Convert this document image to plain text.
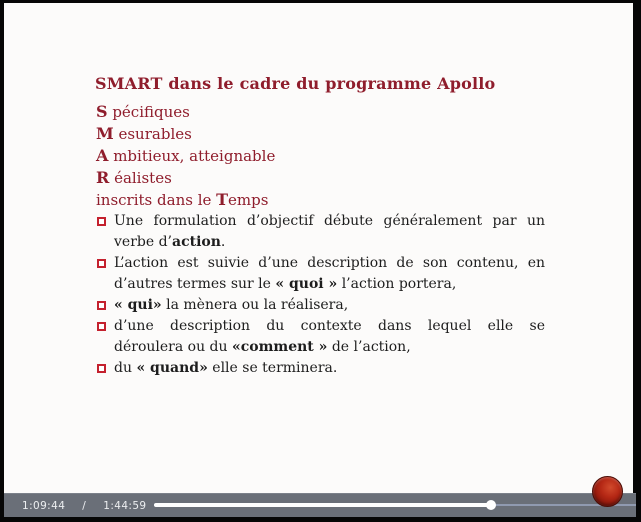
SMART dans le cadre du programme Apollo
S pécifiques
M esurables
A mbitieux, atteignable
R éalistes
inscrits dans le Temps
Une formulation d’objectif débute généralement par un
verbe d’action.
L’action est suivie d’une description de son contenu, en
d’autres termes sur le « quoi » l’action portera,
« qui» la mènera ou la réalisera,
d’une description du contexte dans lequel elle se
déroulera ou du «comment » de l’action,
du « quand» elle se terminera.
1:09:44 / 1:44:59
